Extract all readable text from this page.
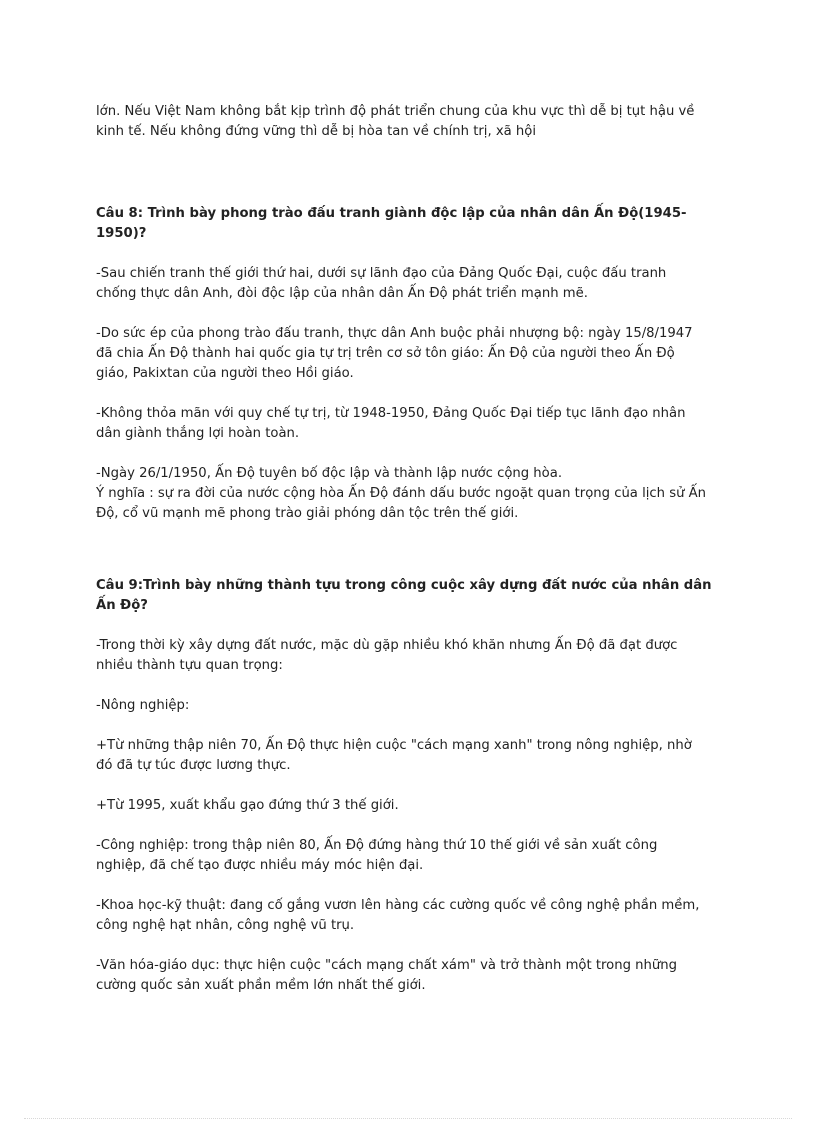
lớn. Nếu Việt Nam không bắt kịp trình độ phát triển chung của khu vực thì dễ bị tụt hậu về
kinh tế. Nếu không đứng vững thì dễ bị hòa tan về chính trị, xã hội
Câu 8: Trình bày phong trào đấu tranh giành độc lập của nhân dân Ấn Độ(1945-
1950)?
-Sau chiến tranh thế giới thứ hai, dưới sự lãnh đạo của Đảng Quốc Đại, cuộc đấu tranh
chống thực dân Anh, đòi độc lập của nhân dân Ấn Độ phát triển mạnh mẽ.
-Do sức ép của phong trào đấu tranh, thực dân Anh buộc phải nhượng bộ: ngày 15/8/1947
đã chia Ấn Độ thành hai quốc gia tự trị trên cơ sở tôn giáo: Ấn Độ của người theo Ấn Độ
giáo, Pakixtan của người theo Hồi giáo.
-Không thỏa mãn với quy chế tự trị, từ 1948-1950, Đảng Quốc Đại tiếp tục lãnh đạo nhân
dân giành thắng lợi hoàn toàn.
-Ngày 26/1/1950, Ấn Độ tuyên bố độc lập và thành lập nước cộng hòa.
Ý nghĩa : sự ra đời của nước cộng hòa Ấn Độ đánh dấu bước ngoặt quan trọng của lịch sử Ấn
Độ, cổ vũ mạnh mẽ phong trào giải phóng dân tộc trên thế giới.
Câu 9:Trình bày những thành tựu trong công cuộc xây dựng đất nước của nhân dân
Ấn Độ?
-Trong thời kỳ xây dựng đất nước, mặc dù gặp nhiều khó khăn nhưng Ấn Độ đã đạt được
nhiều thành tựu quan trọng:
-Nông nghiệp:
+Từ những thập niên 70, Ấn Độ thực hiện cuộc "cách mạng xanh" trong nông nghiệp, nhờ
đó đã tự túc được lương thực.
+Từ 1995, xuất khẩu gạo đứng thứ 3 thế giới.
-Công nghiệp: trong thập niên 80, Ấn Độ đứng hàng thứ 10 thế giới về sản xuất công
nghiệp, đã chế tạo được nhiều máy móc hiện đại.
-Khoa học-kỹ thuật: đang cố gắng vươn lên hàng các cường quốc về công nghệ phần mềm,
công nghệ hạt nhân, công nghệ vũ trụ.
-Văn hóa-giáo dục: thực hiện cuộc "cách mạng chất xám" và trở thành một trong những
cường quốc sản xuất phần mềm lớn nhất thế giới.
